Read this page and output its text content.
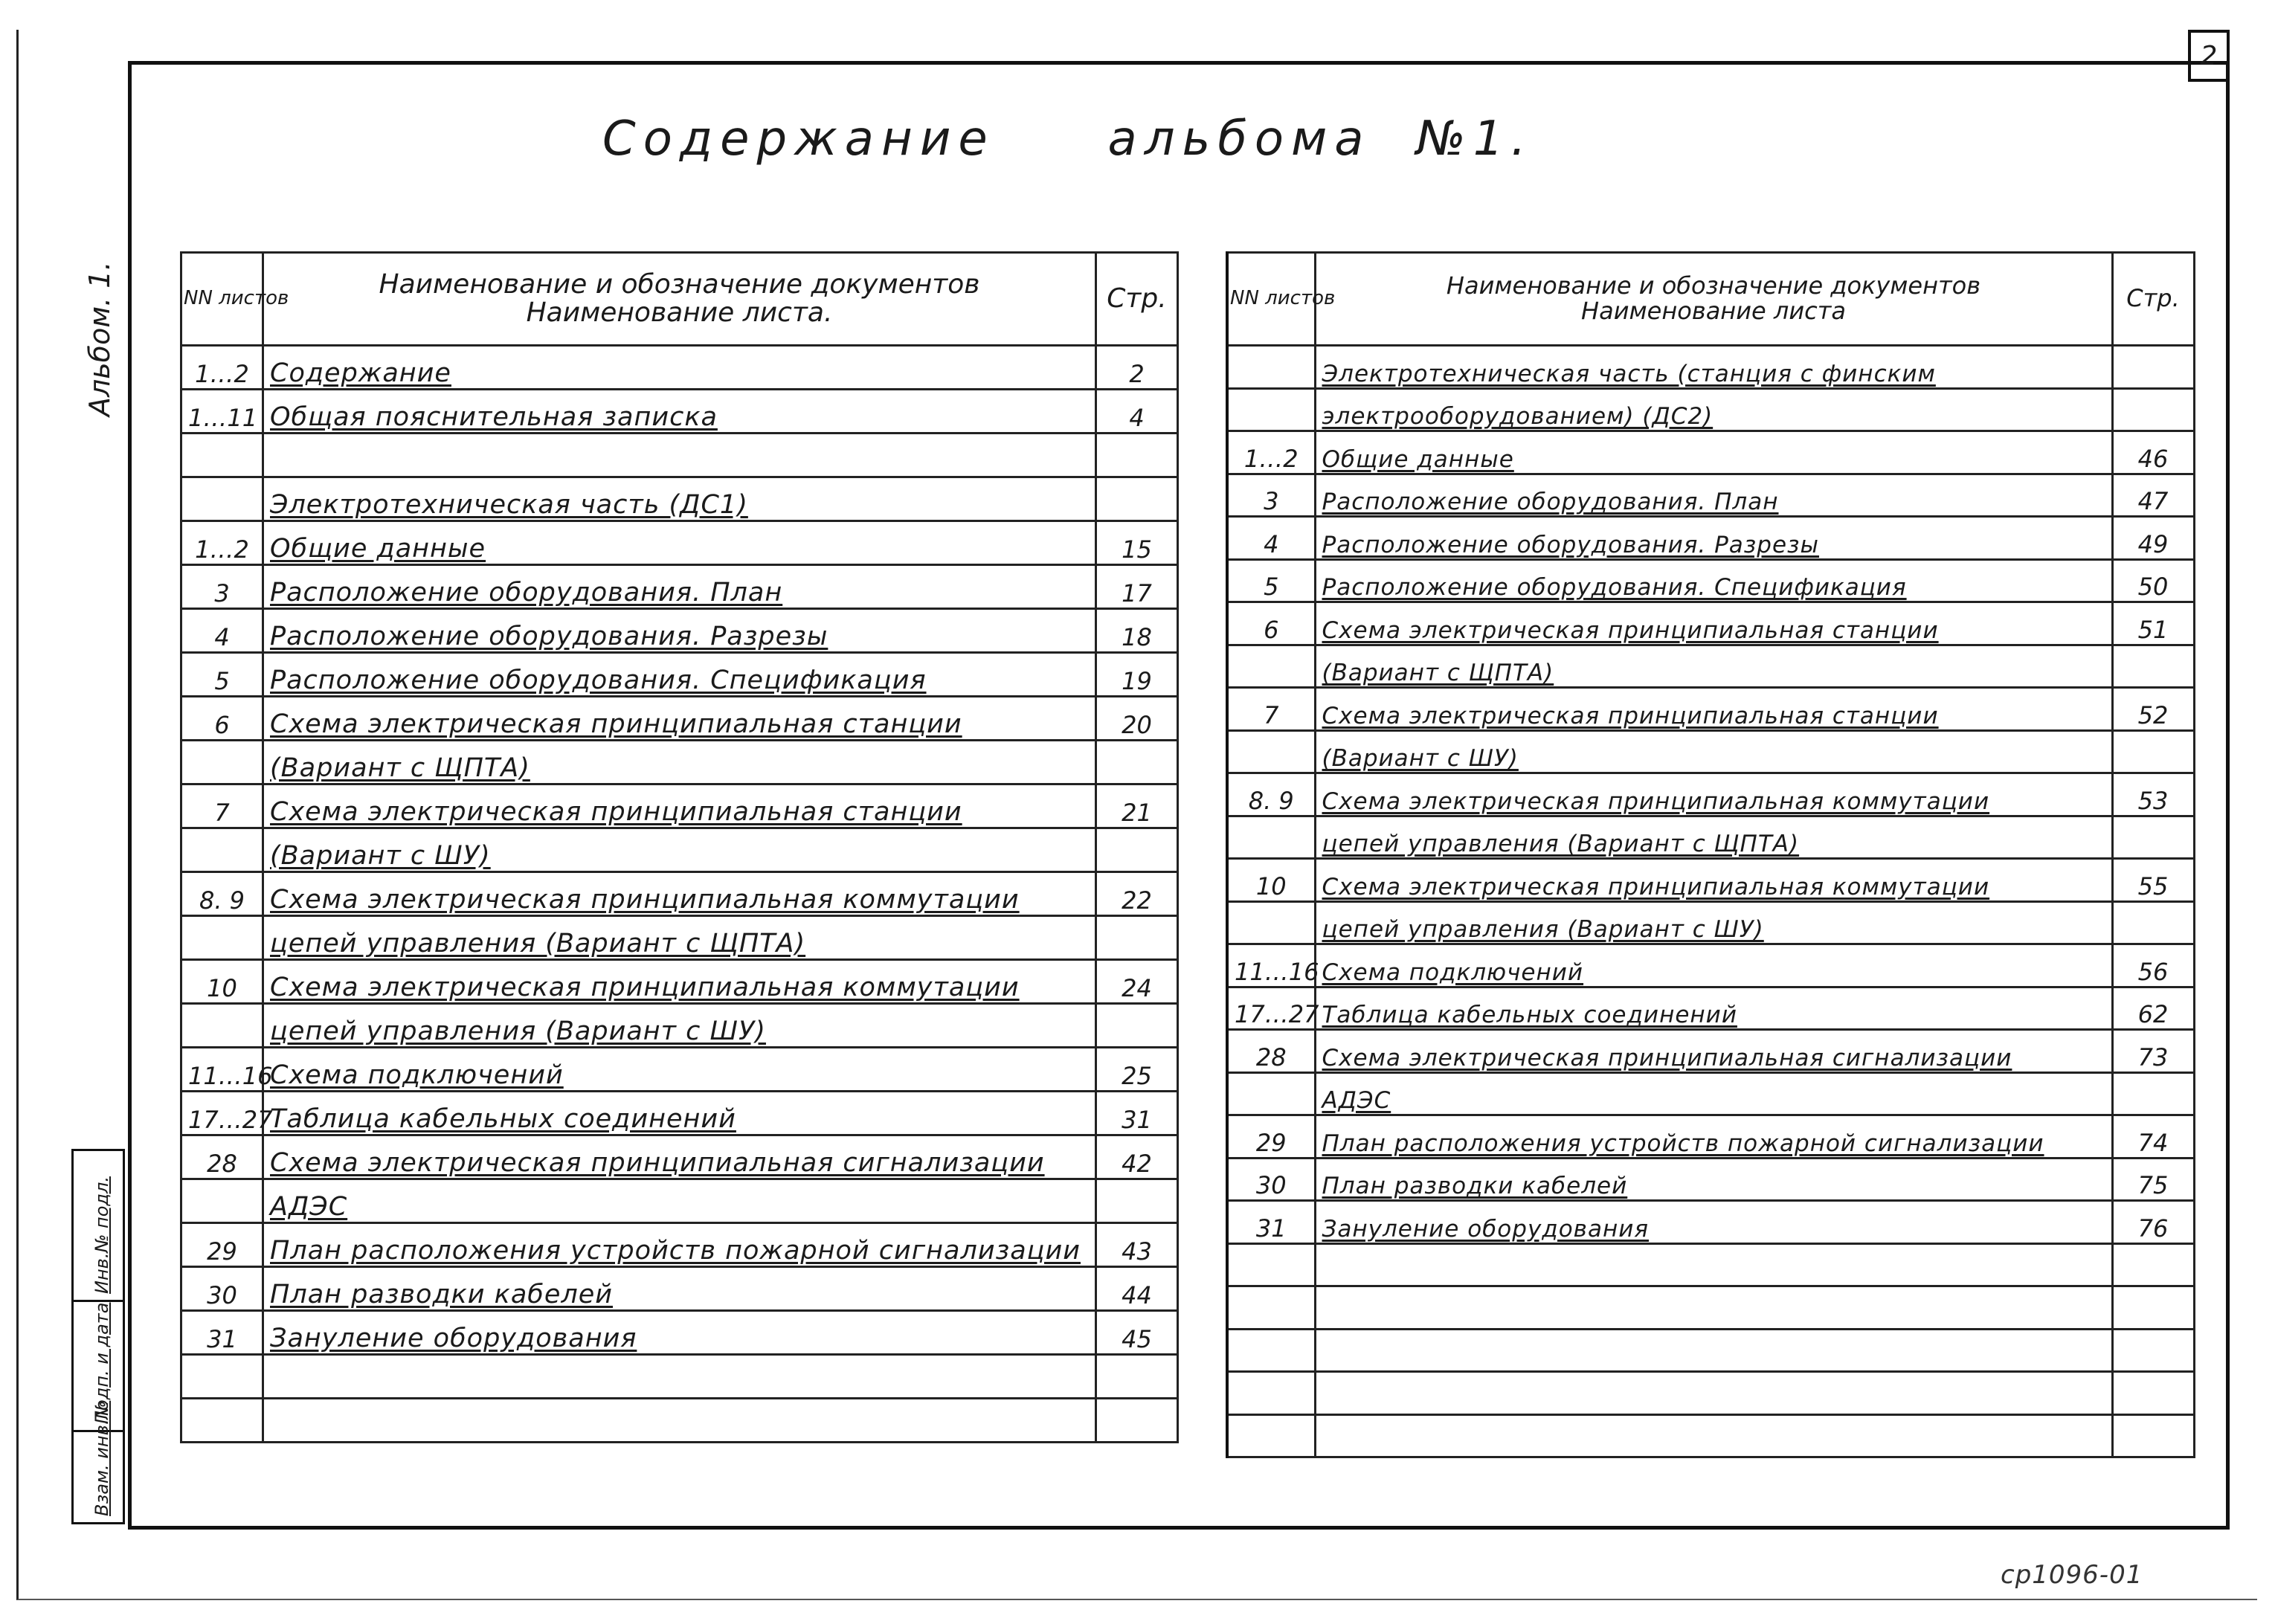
2
Содержание     альбома  №1.
Альбом. 1.
Инв.№ подл.
Подп. и дата
Взам. инв.№
NN листов	Наименование и обозначение документов
Наименование листа.	Стр.
1…2	Содержание	2
1…11	Общая пояснительная записка	4

	Электротехническая часть (ДС1)	
1…2	Общие данные	15
3	Расположение оборудования. План	17
4	Расположение оборудования. Разрезы	18
5	Расположение оборудования. Спецификация	19
6	Схема электрическая принципиальная станции	20
	(Вариант с ЩПТА)	
7	Схема электрическая принципиальная станции	21
	(Вариант с ШУ)	
8. 9	Схема электрическая принципиальная коммутации	22
	цепей управления (Вариант с ЩПТА)	
10	Схема электрическая принципиальная коммутации	24
	цепей управления (Вариант с ШУ)	
11…16	Схема подключений	25
17…27	Таблица кабельных соединений	31
28	Схема электрическая принципиальная сигнализации	42
	АДЭС	
29	План расположения устройств пожарной сигнализации	43
30	План разводки кабелей	44
31	Зануление оборудования	45

NN листов	Наименование и обозначение документов
Наименование листа	Стр.
	Электротехническая часть (станция с финским	
	электрооборудованием) (ДС2)	
1…2	Общие данные	46
3	Расположение оборудования. План	47
4	Расположение оборудования. Разрезы	49
5	Расположение оборудования. Спецификация	50
6	Схема электрическая принципиальная станции	51
	(Вариант с ЩПТА)	
7	Схема электрическая принципиальная станции	52
	(Вариант с ШУ)	
8. 9	Схема электрическая принципиальная коммутации	53
	цепей управления (Вариант с ЩПТА)	
10	Схема электрическая принципиальная коммутации	55
	цепей управления (Вариант с ШУ)	
11…16	Схема подключений	56
17…27	Таблица кабельных соединений	62
28	Схема электрическая принципиальная сигнализации	73
	АДЭС	
29	План расположения устройств пожарной сигнализации	74
30	План разводки кабелей	75
31	Зануление оборудования	76

ср1096-01
